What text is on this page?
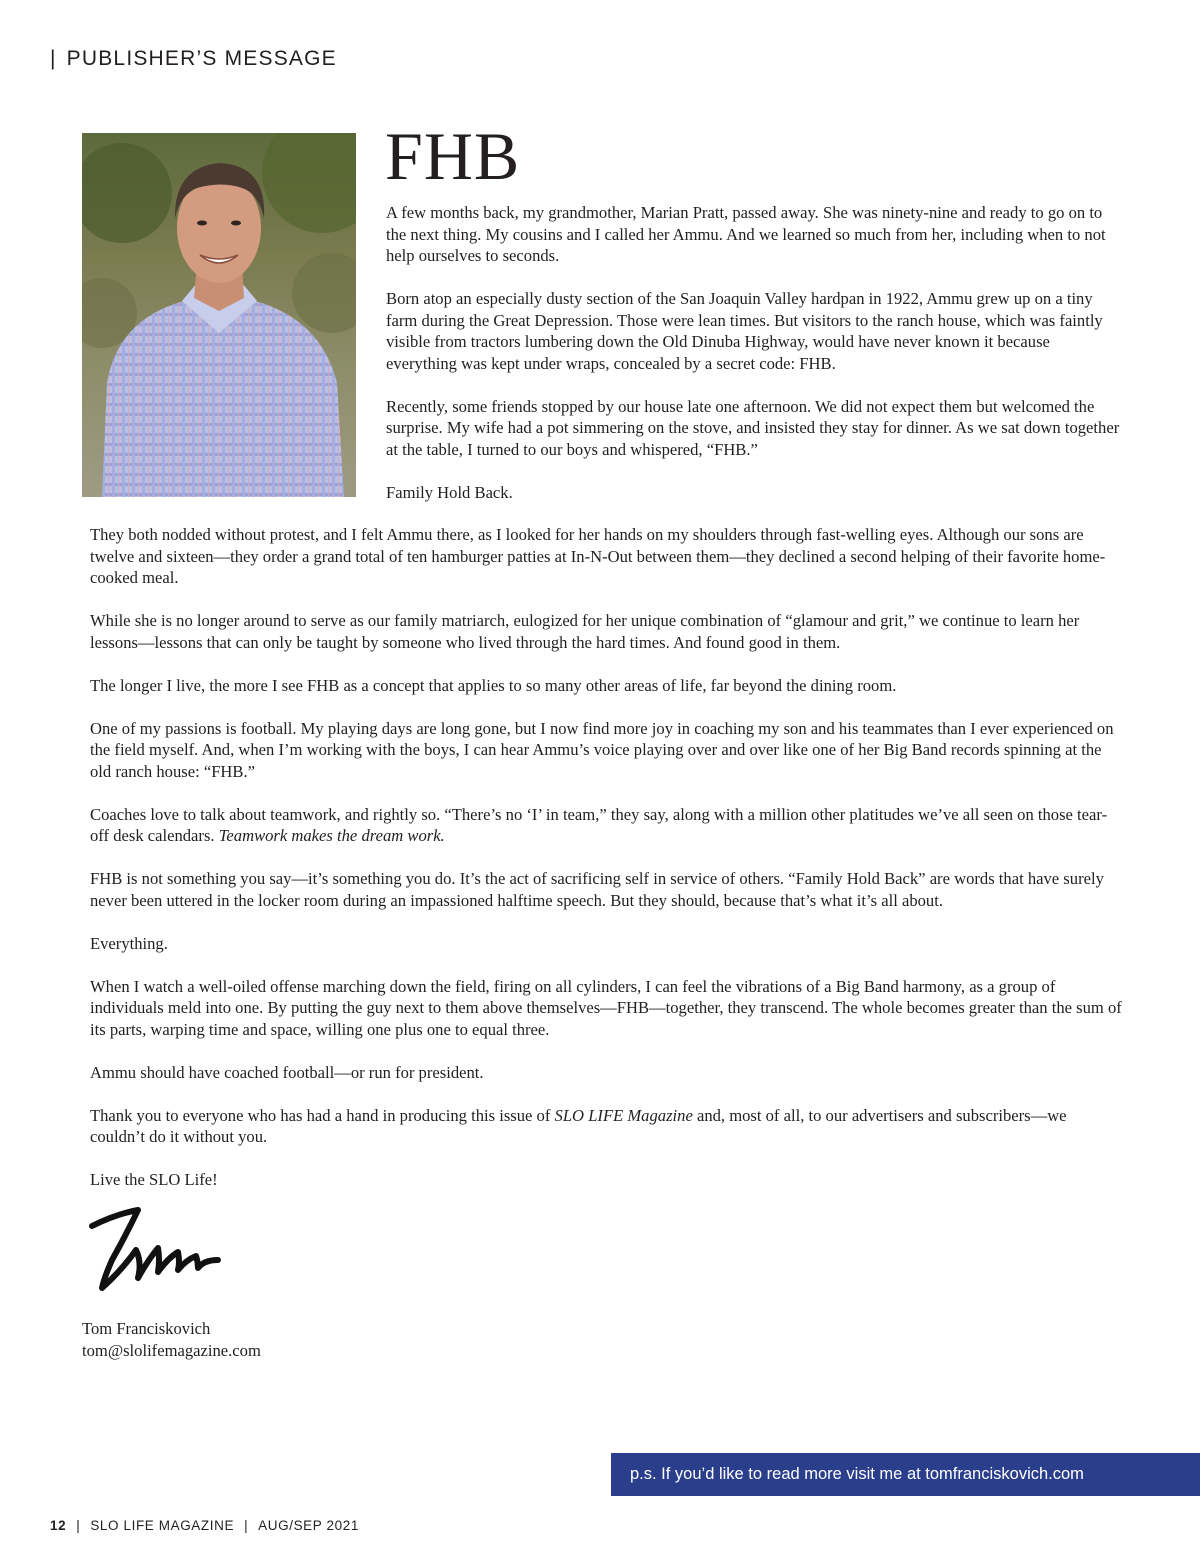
| PUBLISHER’S MESSAGE
FHB

A few months back, my grandmother, Marian Pratt, passed away. She was ninety-nine and ready to go on to the next thing. My cousins and I called her Ammu. And we learned so much from her, including when to not help ourselves to seconds.

Born atop an especially dusty section of the San Joaquin Valley hardpan in 1922, Ammu grew up on a tiny farm during the Great Depression. Those were lean times. But visitors to the ranch house, which was faintly visible from tractors lumbering down the Old Dinuba Highway, would have never known it because everything was kept under wraps, concealed by a secret code: FHB.

Recently, some friends stopped by our house late one afternoon. We did not expect them but welcomed the surprise. My wife had a pot simmering on the stove, and insisted they stay for dinner. As we sat down together at the table, I turned to our boys and whispered, “FHB.”

Family Hold Back.

They both nodded without protest, and I felt Ammu there, as I looked for her hands on my shoulders through fast-welling eyes. Although our sons are twelve and sixteen—they order a grand total of ten hamburger patties at In-N-Out between them—they declined a second helping of their favorite home-cooked meal.

While she is no longer around to serve as our family matriarch, eulogized for her unique combination of “glamour and grit,” we continue to learn her lessons—lessons that can only be taught by someone who lived through the hard times. And found good in them.

The longer I live, the more I see FHB as a concept that applies to so many other areas of life, far beyond the dining room.

One of my passions is football. My playing days are long gone, but I now find more joy in coaching my son and his teammates than I ever experienced on the field myself. And, when I’m working with the boys, I can hear Ammu’s voice playing over and over like one of her Big Band records spinning at the old ranch house: “FHB.”

Coaches love to talk about teamwork, and rightly so. “There’s no ‘I’ in team,” they say, along with a million other platitudes we’ve all seen on those tear-off desk calendars. Teamwork makes the dream work.

FHB is not something you say—it’s something you do. It’s the act of sacrificing self in service of others. “Family Hold Back” are words that have surely never been uttered in the locker room during an impassioned halftime speech. But they should, because that’s what it’s all about.

Everything.

When I watch a well-oiled offense marching down the field, firing on all cylinders, I can feel the vibrations of a Big Band harmony, as a group of individuals meld into one. By putting the guy next to them above themselves—FHB—together, they transcend. The whole becomes greater than the sum of its parts, warping time and space, willing one plus one to equal three.

Ammu should have coached football—or run for president.

Thank you to everyone who has had a hand in producing this issue of SLO LIFE Magazine and, most of all, to our advertisers and subscribers—we couldn’t do it without you.

Live the SLO Life!

Tom Franciskovich
tom@slolifemagazine.com
p.s. If you’d like to read more visit me at tomfranciskovich.com
12 | SLO LIFE MAGAZINE | AUG/SEP 2021
